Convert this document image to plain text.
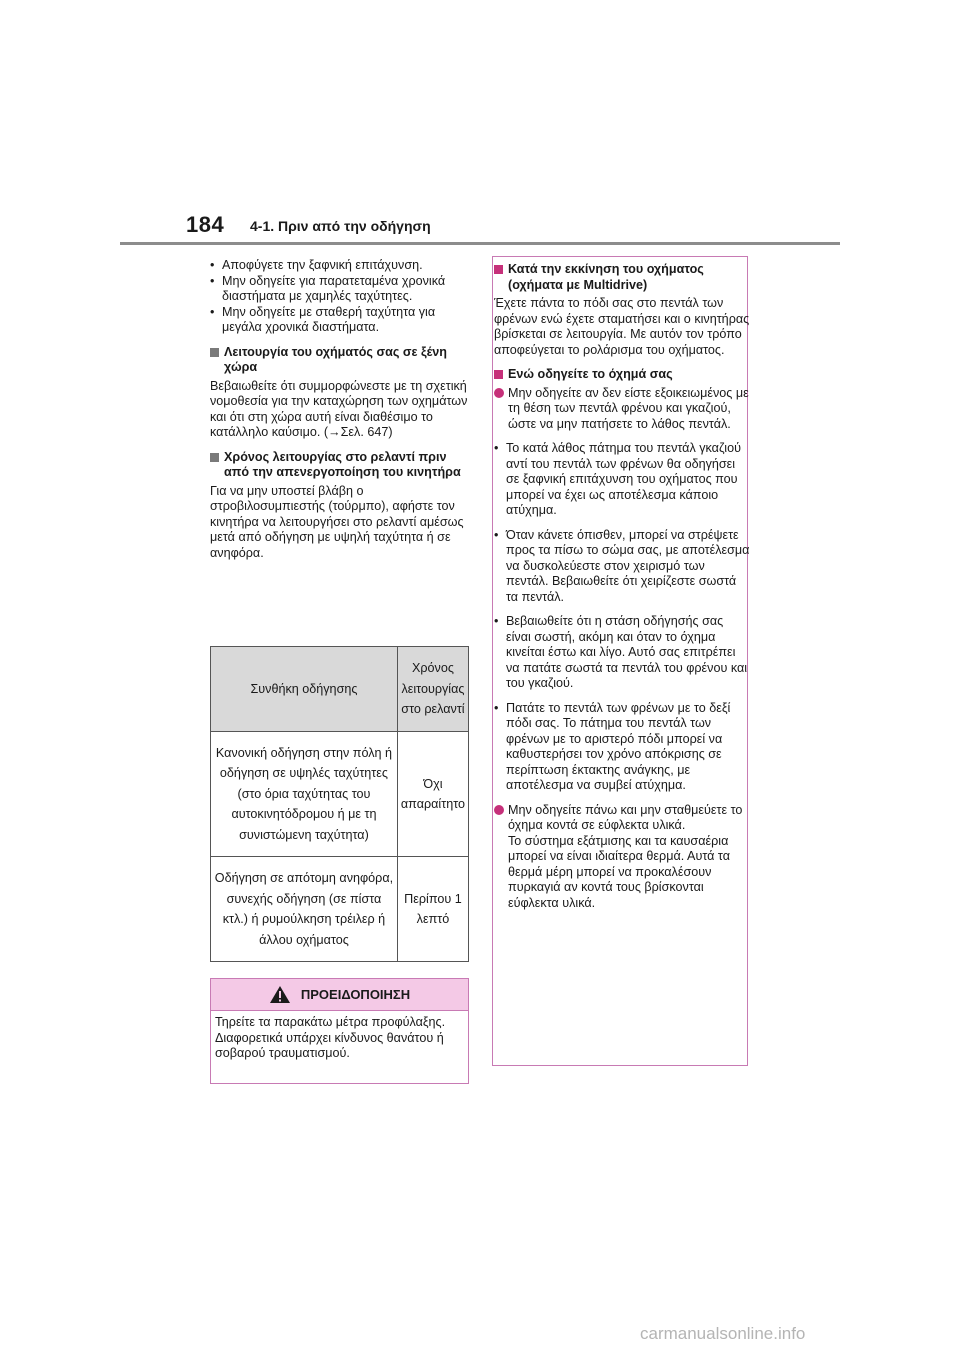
184 4-1. Πριν από την οδήγηση
• Αποφύγετε την ξαφνική επιτάχυνση.
• Μην οδηγείτε για παρατεταμένα χρονικά διαστήματα με χαμηλές ταχύτητες.
• Μην οδηγείτε με σταθερή ταχύτητα για μεγάλα χρονικά διαστήματα.
Λειτουργία του οχήματός σας σε ξένη χώρα

Βεβαιωθείτε ότι συμμορφώνεστε με τη σχετική νομοθεσία για την καταχώρηση των οχημάτων και ότι στη χώρα αυτή είναι διαθέσιμο το κατάλληλο καύσιμο. (→Σελ. 647)

Χρόνος λειτουργίας στο ρελαντί πριν από την απενεργοποίηση του κινητήρα

Για να μην υποστεί βλάβη ο στροβιλοσυμπιεστής (τούρμπο), αφήστε τον κινητήρα να λειτουργήσει στο ρελαντί αμέσως μετά από οδήγηση με υψηλή ταχύτητα ή σε ανηφόρα.

Συνθήκη οδήγησης	Χρόνος λειτουργίας στο ρελαντί
Κανονική οδήγηση στην πόλη ή οδήγηση σε υψηλές ταχύτητες (στο όρια ταχύτητας του αυτοκινητόδρομου ή με τη συνιστώμενη ταχύτητα)	Όχι απαραίτητο
Οδήγηση σε απότομη ανηφόρα, συνεχής οδήγηση (σε πίστα κτλ.) ή ρυμούλκηση τρέιλερ ή άλλου οχήματος	Περίπου 1 λεπτό
ΠΡΟΕΙΔΟΠΟΙΗΣΗ
Τηρείτε τα παρακάτω μέτρα προφύλαξης.
Διαφορετικά υπάρχει κίνδυνος θανάτου ή σοβαρού τραυματισμού.
Κατά την εκκίνηση του οχήματος (οχήματα με Multidrive)

Έχετε πάντα το πόδι σας στο πεντάλ των φρένων ενώ έχετε σταματήσει και ο κινητήρας βρίσκεται σε λειτουργία. Με αυτόν τον τρόπο αποφεύγεται το ρολάρισμα του οχήματος.

Ενώ οδηγείτε το όχημά σας
Μην οδηγείτε αν δεν είστε εξοικειωμένος με τη θέση των πεντάλ φρένου και γκαζιού, ώστε να μην πατήσετε το λάθος πεντάλ.
• Το κατά λάθος πάτημα του πεντάλ γκαζιού αντί του πεντάλ των φρένων θα οδηγήσει σε ξαφνική επιτάχυνση του οχήματος που μπορεί να έχει ως αποτέλεσμα κάποιο ατύχημα.
• Όταν κάνετε όπισθεν, μπορεί να στρέψετε προς τα πίσω το σώμα σας, με αποτέλεσμα να δυσκολεύεστε στον χειρισμό των πεντάλ. Βεβαιωθείτε ότι χειρίζεστε σωστά τα πεντάλ.
• Βεβαιωθείτε ότι η στάση οδήγησής σας είναι σωστή, ακόμη και όταν το όχημα κινείται έστω και λίγο. Αυτό σας επιτρέπει να πατάτε σωστά τα πεντάλ του φρένου και του γκαζιού.
• Πατάτε το πεντάλ των φρένων με το δεξί πόδι σας. Το πάτημα του πεντάλ των φρένων με το αριστερό πόδι μπορεί να καθυστερήσει τον χρόνο απόκρισης σε περίπτωση έκτακτης ανάγκης, με αποτέλεσμα να συμβεί ατύχημα.
Μην οδηγείτε πάνω και μην σταθμεύετε το όχημα κοντά σε εύφλεκτα υλικά.
Το σύστημα εξάτμισης και τα καυσαέρια μπορεί να είναι ιδιαίτερα θερμά. Αυτά τα θερμά μέρη μπορεί να προκαλέσουν πυρκαγιά αν κοντά τους βρίσκονται εύφλεκτα υλικά.
carmanualsonline.info
